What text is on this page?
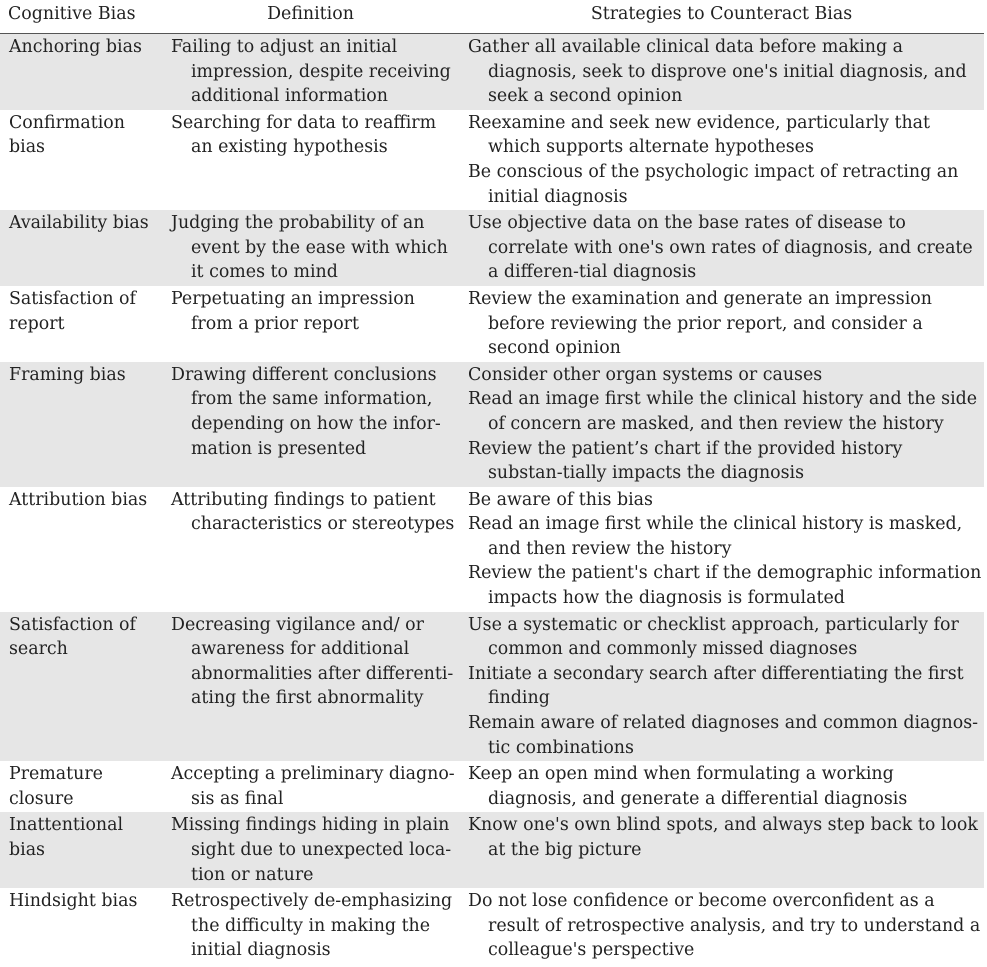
Cognitive Bias	Definition	Strategies to Counteract Bias
Anchoring bias	Failing to adjust an initial impression, despite receiving additional information	Gather all available clinical data before making a diagnosis, seek to disprove one's initial diagnosis, and seek a second opinion

Confirmation bias	Searching for data to reaffirm an existing hypothesis	Reexamine and seek new evidence, particularly that which supports alternate hypotheses
Be conscious of the psychologic impact of retracting an initial diagnosis

Availability bias	Judging the probability of an event by the ease with which it comes to mind	Use objective data on the base rates of disease to correlate with one's own rates of diagnosis, and create a differen-tial diagnosis

Satisfaction of report	Perpetuating an impression from a prior report	Review the examination and generate an impression before reviewing the prior report, and consider a second opinion

Framing bias	Drawing different conclusions from the same information, depending on how the infor-mation is presented	Consider other organ systems or causes
Read an image first while the clinical history and the side of concern are masked, and then review the history
Review the patient’s chart if the provided history substan-tially impacts the diagnosis

Attribution bias	Attributing findings to patient characteristics or stereotypes	Be aware of this bias
Read an image first while the clinical history is masked, and then review the history
Review the patient's chart if the demographic information impacts how the diagnosis is formulated

Satisfaction of search	Decreasing vigilance and/ or awareness for additional abnormalities after differenti-ating the first abnormality	Use a systematic or checklist approach, particularly for common and commonly missed diagnoses
Initiate a secondary search after differentiating the first finding
Remain aware of related diagnoses and common diagnos-tic combinations

Premature closure	Accepting a preliminary diagno-sis as final	Keep an open mind when formulating a working diagnosis, and generate a differential diagnosis

Inattentional bias	Missing findings hiding in plain sight due to unexpected loca-tion or nature	Know one's own blind spots, and always step back to look at the big picture

Hindsight bias	Retrospectively de-emphasizing the difficulty in making the initial diagnosis	Do not lose confidence or become overconfident as a result of retrospective analysis, and try to understand a colleague's perspective
